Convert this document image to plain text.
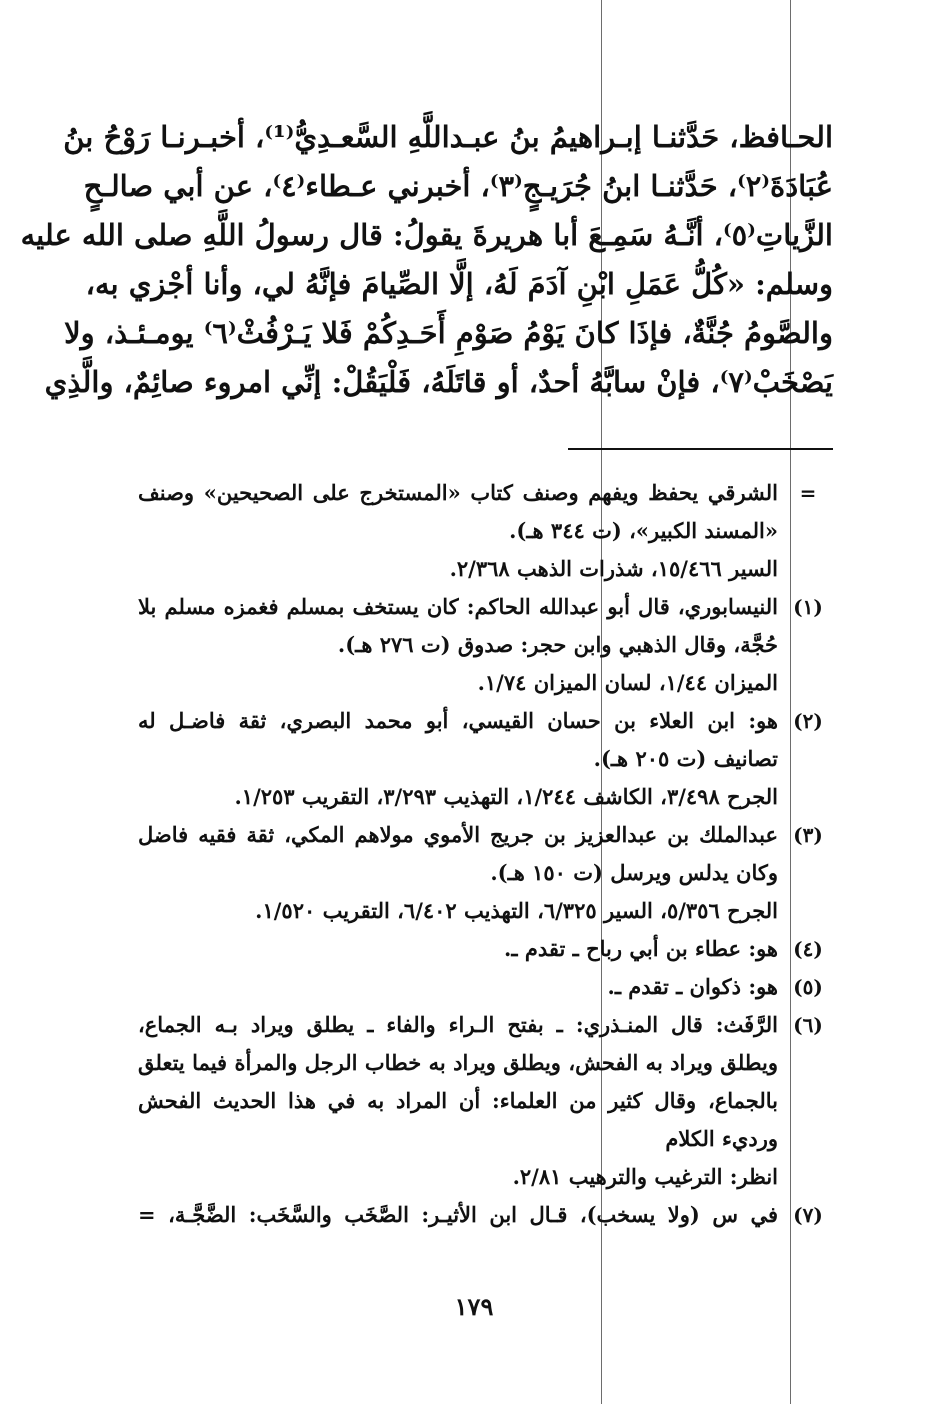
الحـافظ، حَدَّثنـا إبـراهيمُ بنُ عبـداللَّهِ السَّعـدِيُّ⁽¹⁾، أخبـرنـا رَوْحُ بنُ
عُبَادَةَ⁽٢⁾، حَدَّثنـا ابنُ جُرَيـجٍ⁽٣⁾، أخبرني عـطاء⁽٤⁾، عن أبي صالـحٍ
الزَّياتِ⁽٥⁾، أنَّـهُ سَمِـعَ أبا هريرةَ يقولُ: قال رسولُ اللَّهِ صلى الله عليه
وسلم: «كُلُّ عَمَلِ ابْنِ آدَمَ لَهُ، إلَّا الصِّيامَ فإنَّهُ لي، وأنا أجْزي به،
والصَّومُ جُنَّةٌ، فإذَا كانَ يَوْمُ صَوْمِ أَحَـدِكُمْ فَلا يَـرْفُثْ⁽٦⁾ يومـئـذ، ولا
يَصْخَبْ⁽٧⁾، فإنْ سابَّهُ أحدٌ، أو قاتَلَهُ، فَلْيَقُلْ: إنِّي امروء صائِمٌ، والَّذِي
=
الشرقي يحفظ ويفهم وصنف كتاب «المستخرج على الصحيحين» وصنف
«المسند الكبير»، (ت ٣٤٤ هـ).
السير ١٥/٤٦٦، شذرات الذهب ٢/٣٦٨.
(١)
النيسابوري، قال أبو عبدالله الحاكم: كان يستخف بمسلم فغمزه مسلم بلا
حُجَّة، وقال الذهبي وابن حجر: صدوق (ت ٢٧٦ هـ).
الميزان ١/٤٤، لسان الميزان ١/٧٤.
(٢)
هو: ابن العلاء بن حسان القيسي، أبو محمد البصري، ثقة فاضـل له
تصانيف (ت ٢٠٥ هـ).
الجرح ٣/٤٩٨، الكاشف ١/٢٤٤، التهذيب ٣/٢٩٣، التقريب ١/٢٥٣.
(٣)
عبدالملك بن عبدالعزيز بن جريج الأموي مولاهم المكي، ثقة فقيه فاضل
وكان يدلس ويرسل (ت ١٥٠ هـ).
الجرح ٥/٣٥٦، السير ٦/٣٢٥، التهذيب ٦/٤٠٢، التقريب ١/٥٢٠.
(٤)
هو: عطاء بن أبي رباح ـ تقدم ـ.
(٥)
هو: ذكوان ـ تقدم ـ.
(٦)
الرَّفَث: قال المنـذري: ـ بفتح الـراء والفاء ـ يطلق ويراد بـه الجماع،
ويطلق ويراد به الفحش، ويطلق ويراد به خطاب الرجل والمرأة فيما يتعلق
بالجماع، وقال كثير من العلماء: أن المراد به في هذا الحديث الفحش
ورديء الكلام
انظر: الترغيب والترهيب ٢/٨١.
(٧)
في س (ولا يسخب)، قـال ابن الأثيـر: الصَّخَب والسَّخَب: الضَّجَّـة، =
١٧٩
